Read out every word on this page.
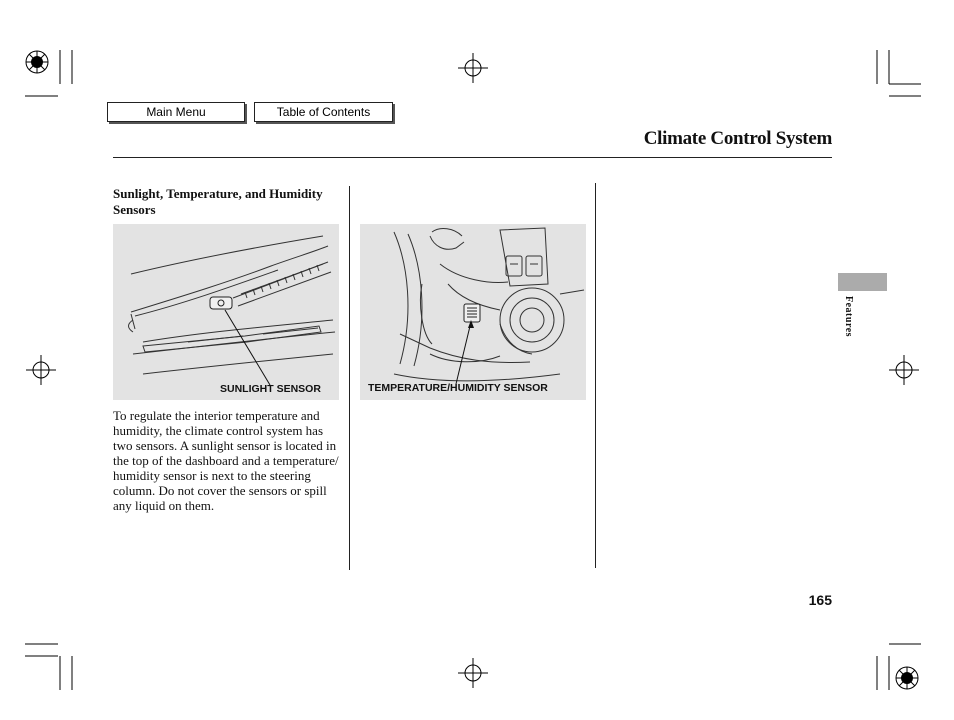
Main Menu	Table of Contents
Climate Control System
Sunlight, Temperature, and Humidity Sensors
SUNLIGHT SENSOR	TEMPERATURE/HUMIDITY SENSOR
To regulate the interior temperature and humidity, the climate control system has two sensors. A sunlight sensor is located in the top of the dashboard and a temperature/ humidity sensor is next to the steering column. Do not cover the sensors or spill any liquid on them.
Features
165
